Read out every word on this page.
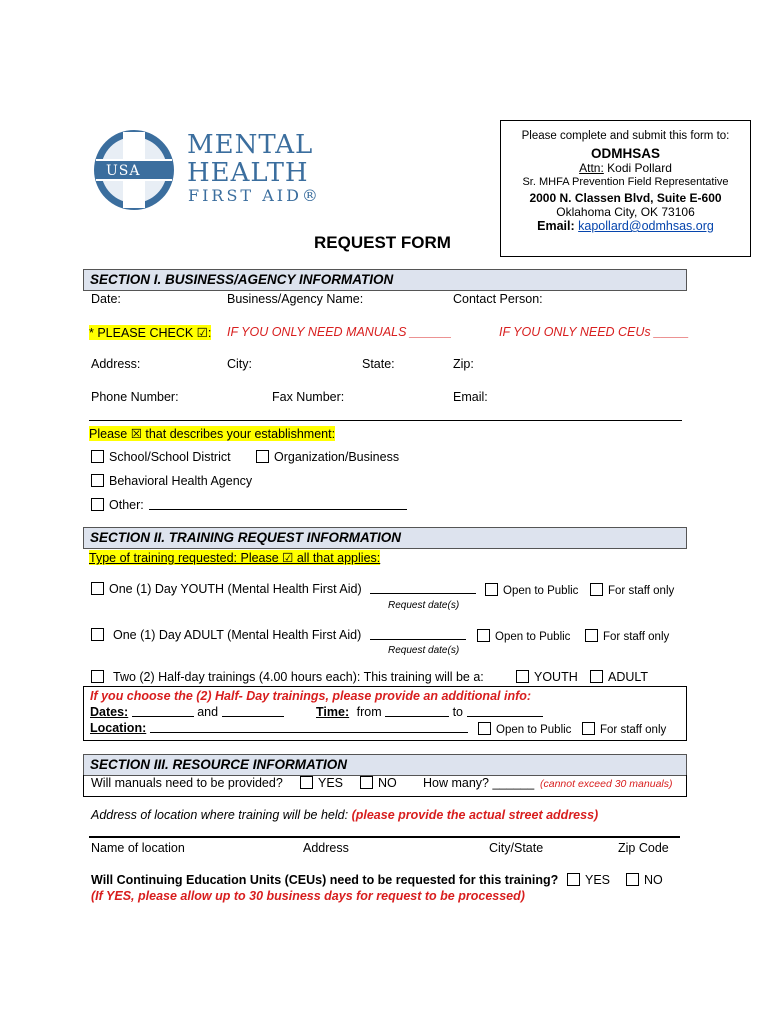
USA
MENTAL
HEALTH
FIRST AID®
Please complete and submit this form to:
ODMHSAS
Attn: Kodi Pollard
Sr. MHFA Prevention Field Representative
2000 N. Classen Blvd, Suite E-600
Oklahoma City, OK 73106
Email: kapollard@odmhsas.org
REQUEST FORM
SECTION I. BUSINESS/AGENCY INFORMATION
Date:	Business/Agency Name:	Contact Person:
* PLEASE CHECK ☑: IF YOU ONLY NEED MANUALS ______	IF YOU ONLY NEED CEUs _____
Address:	City:	State:	Zip:
Phone Number:	Fax Number:	Email:
Please ☒ that describes your establishment:
School/School District	Organization/Business
Behavioral Health Agency
Other:
SECTION II. TRAINING REQUEST INFORMATION
Type of training requested: Please ☑ all that applies:
One (1) Day YOUTH (Mental Health First Aid)	Open to Public	For staff only
Request date(s)
One (1) Day ADULT (Mental Health First Aid)	Open to Public	For staff only
Request date(s)
Two (2) Half-day trainings (4.00 hours each): This training will be a:	YOUTH	ADULT
If you choose the (2) Half- Day trainings, please provide an additional info:
Dates:	and	Time: from	to
Location:	Open to Public	For staff only
SECTION III. RESOURCE INFORMATION
Will manuals need to be provided?	YES	NO How many? ______ (cannot exceed 30 manuals)
Address of location where training will be held: (please provide the actual street address)
Name of location	Address	City/State	Zip Code
Will Continuing Education Units (CEUs) need to be requested for this training?	YES	NO
(If YES, please allow up to 30 business days for request to be processed)
